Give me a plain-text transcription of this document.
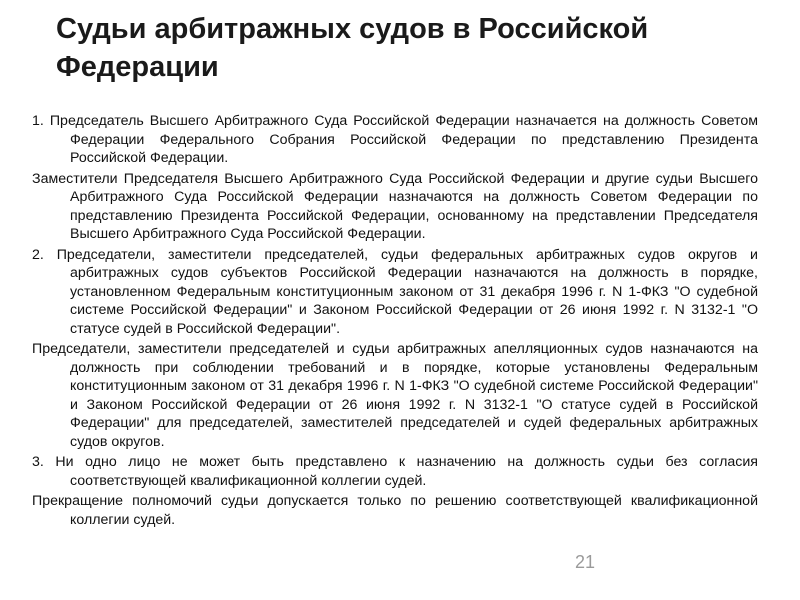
Судьи арбитражных судов в Российской Федерации

1. Председатель Высшего Арбитражного Суда Российской Федерации назначается на должность Советом Федерации Федерального Собрания Российской Федерации по представлению Президента Российской Федерации.

Заместители Председателя Высшего Арбитражного Суда Российской Федерации и другие судьи Высшего Арбитражного Суда Российской Федерации назначаются на должность Советом Федерации по представлению Президента Российской Федерации, основанному на представлении Председателя Высшего Арбитражного Суда Российской Федерации.

2. Председатели, заместители председателей, судьи федеральных арбитражных судов округов и арбитражных судов субъектов Российской Федерации назначаются на должность в порядке, установленном Федеральным конституционным законом от 31 декабря 1996 г. N 1-ФКЗ "О судебной системе Российской Федерации" и Законом Российской Федерации от 26 июня 1992 г. N 3132-1 "О статусе судей в Российской Федерации".

Председатели, заместители председателей и судьи арбитражных апелляционных судов назначаются на должность при соблюдении требований и в порядке, которые установлены Федеральным конституционным законом от 31 декабря 1996 г. N 1-ФКЗ "О судебной системе Российской Федерации" и Законом Российской Федерации от 26 июня 1992 г. N 3132-1 "О статусе судей в Российской Федерации" для председателей, заместителей председателей и судей федеральных арбитражных судов округов.

3. Ни одно лицо не может быть представлено к назначению на должность судьи без согласия соответствующей квалификационной коллегии судей.

Прекращение полномочий судьи допускается только по решению соответствующей квалификационной коллегии судей.

21
